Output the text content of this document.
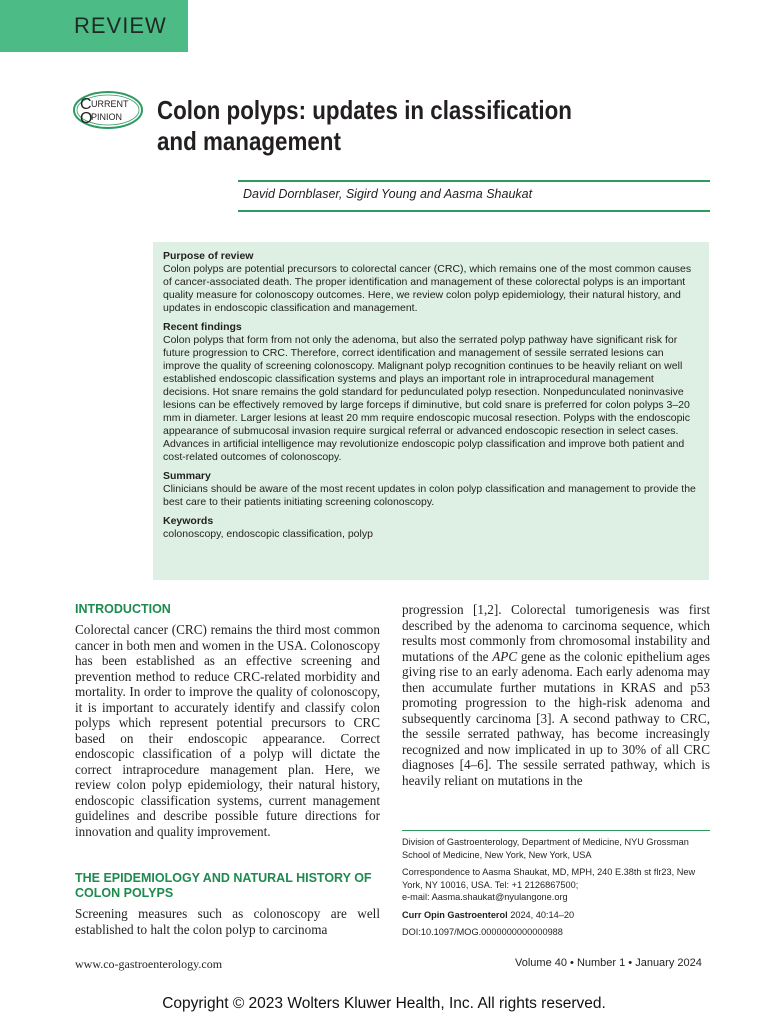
REVIEW
C
O
URRENT
PINION Colon polyps: updates in classification
and management
David Dornblaser, Sigird Young and Aasma Shaukat
Purpose of review

Colon polyps are potential precursors to colorectal cancer (CRC), which remains one of the most common causes of cancer-associated death. The proper identification and management of these colorectal polyps is an important quality measure for colonoscopy outcomes. Here, we review colon polyp epidemiology, their natural history, and updates in endoscopic classification and management.

Recent findings

Colon polyps that form from not only the adenoma, but also the serrated polyp pathway have significant risk for future progression to CRC. Therefore, correct identification and management of sessile serrated lesions can improve the quality of screening colonoscopy. Malignant polyp recognition continues to be heavily reliant on well established endoscopic classification systems and plays an important role in intraprocedural management decisions. Hot snare remains the gold standard for pedunculated polyp resection. Nonpedunculated noninvasive lesions can be effectively removed by large forceps if diminutive, but cold snare is preferred for colon polyps 3–20 mm in diameter. Larger lesions at least 20 mm require endoscopic mucosal resection. Polyps with the endoscopic appearance of submucosal invasion require surgical referral or advanced endoscopic resection in select cases. Advances in artificial intelligence may revolutionize endoscopic polyp classification and improve both patient and cost-related outcomes of colonoscopy.

Summary

Clinicians should be aware of the most recent updates in colon polyp classification and management to provide the best care to their patients initiating screening colonoscopy.

Keywords

colonoscopy, endoscopic classification, polyp

INTRODUCTION

Colorectal cancer (CRC) remains the third most common cancer in both men and women in the USA. Colonoscopy has been established as an effective screening and prevention method to reduce CRC-related morbidity and mortality. In order to improve the quality of colonoscopy, it is important to accurately identify and classify colon polyps which represent potential precursors to CRC based on their endoscopic appearance. Correct endoscopic classification of a polyp will dictate the correct intraprocedure management plan. Here, we review colon polyp epidemiology, their natural history, endoscopic classification systems, current management guidelines and describe possible future directions for innovation and quality improvement.

THE EPIDEMIOLOGY AND NATURAL HISTORY OF COLON POLYPS

Screening measures such as colonoscopy are well established to halt the colon polyp to carcinoma

progression [1,2]. Colorectal tumorigenesis was first described by the adenoma to carcinoma sequence, which results most commonly from chromosomal instability and mutations of the APC gene as the colonic epithelium ages giving rise to an early adenoma. Each early adenoma may then accumulate further mutations in KRAS and p53 promoting progression to the high-risk adenoma and subsequently carcinoma [3]. A second pathway to CRC, the sessile serrated pathway, has become increasingly recognized and now implicated in up to 30% of all CRC diagnoses [4–6]. The sessile serrated pathway, which is heavily reliant on mutations in the

Division of Gastroenterology, Department of Medicine, NYU Grossman School of Medicine, New York, New York, USA

Correspondence to Aasma Shaukat, MD, MPH, 240 E.38th st flr23, New York, NY 10016, USA. Tel: +1 2126867500;
e-mail: Aasma.shaukat@nyulangone.org

Curr Opin Gastroenterol 2024, 40:14–20

DOI:10.1097/MOG.0000000000000988

www.co-gastroenterology.com	Volume 40 • Number 1 • January 2024
Copyright © 2023 Wolters Kluwer Health, Inc. All rights reserved.
